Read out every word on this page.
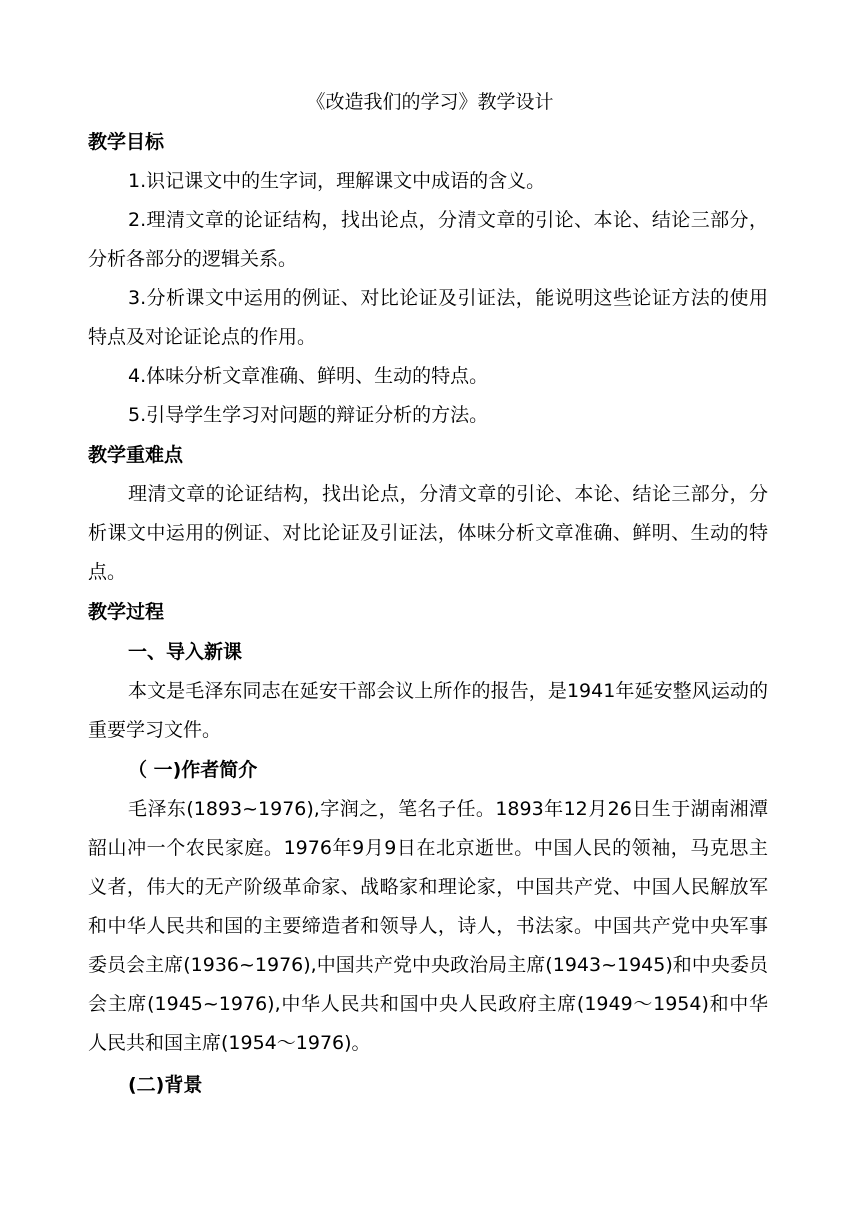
《改造我们的学习》教学设计
教学目标

1.识记课文中的生字词，理解课文中成语的含义。

2.理清文章的论证结构，找出论点，分清文章的引论、本论、结论三部分，分析各部分的逻辑关系。

3.分析课文中运用的例证、对比论证及引证法，能说明这些论证方法的使用特点及对论证论点的作用。

4.体味分析文章准确、鲜明、生动的特点。

5.引导学生学习对问题的辩证分析的方法。

教学重难点

理清文章的论证结构，找出论点，分清文章的引论、本论、结论三部分，分析课文中运用的例证、对比论证及引证法，体味分析文章准确、鲜明、生动的特点。

教学过程
一、导入新课

本文是毛泽东同志在延安干部会议上所作的报告，是1941年延安整风运动的重要学习文件。

（ 一)作者简介

毛泽东(1893~1976),字润之，笔名子任。1893年12月26日生于湖南湘潭韶山冲一个农民家庭。1976年9月9日在北京逝世。中国人民的领袖，马克思主义者，伟大的无产阶级革命家、战略家和理论家，中国共产党、中国人民解放军和中华人民共和国的主要缔造者和领导人，诗人，书法家。中国共产党中央军事委员会主席(1936~1976),中国共产党中央政治局主席(1943~1945)和中央委员会主席(1945~1976),中华人民共和国中央人民政府主席(1949～1954)和中华人民共和国主席(1954～1976)。

(二)背景
